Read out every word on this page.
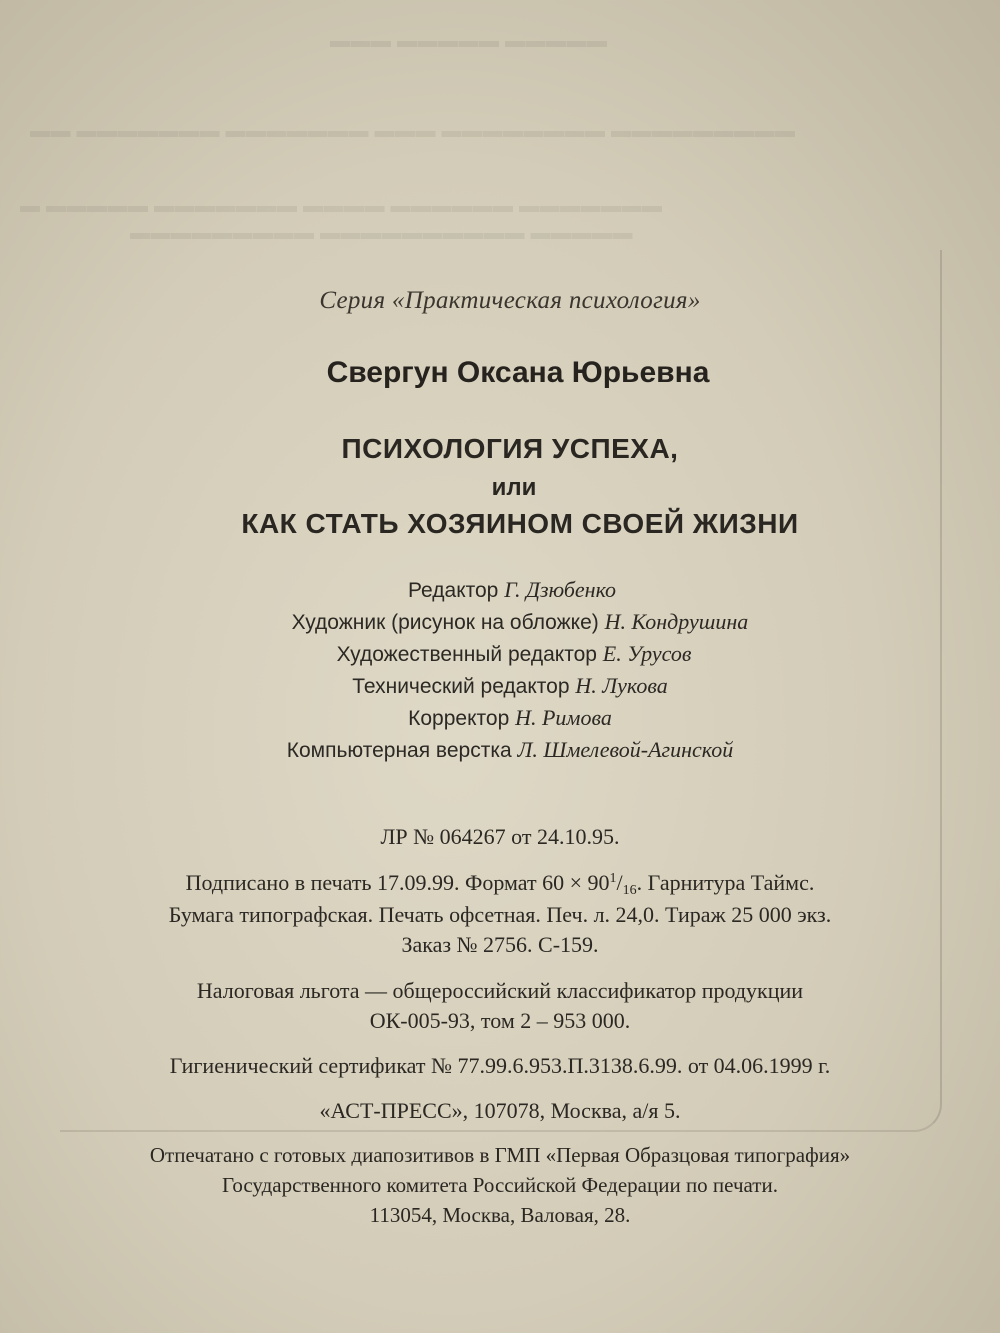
▬▬▬ ▬▬▬▬▬ ▬▬▬▬▬
▬▬ ▬▬▬▬▬▬▬ ▬▬▬▬▬▬▬ ▬▬▬ ▬▬▬▬▬▬▬▬ ▬▬▬▬▬▬▬▬▬
▬ ▬▬▬▬▬ ▬▬▬▬▬▬▬ ▬▬▬▬ ▬▬▬▬▬▬ ▬▬▬▬▬▬▬
▬▬▬▬▬▬▬▬▬ ▬▬▬▬▬▬▬▬▬▬ ▬▬▬▬▬
Серия «Практическая психология»
Свергун Оксана Юрьевна
ПСИХОЛОГИЯ УСПЕХА,
или
КАК СТАТЬ ХОЗЯИНОМ СВОЕЙ ЖИЗНИ
Редактор Г. Дзюбенко
Художник (рисунок на обложке) Н. Кондрушина
Художественный редактор Е. Урусов
Технический редактор Н. Лукова
Корректор Н. Римова
Компьютерная верстка Л. Шмелевой-Агинской
ЛР № 064267 от 24.10.95.
Подписано в печать 17.09.99. Формат $60 \times 90^1/_{16}$. Гарнитура Таймс.
Бумага типографская. Печать офсетная. Печ. л. 24,0. Тираж 25 000 экз.
Заказ № 2756. С-159.
Налоговая льгота — общероссийский классификатор продукции
ОК-005-93, том 2 – 953 000.
Гигиенический сертификат № 77.99.6.953.П.3138.6.99. от 04.06.1999 г.
«АСТ-ПРЕСС», 107078, Москва, а/я 5.
Отпечатано с готовых диапозитивов в ГМП «Первая Образцовая типография»
Государственного комитета Российской Федерации по печати.
113054, Москва, Валовая, 28.
